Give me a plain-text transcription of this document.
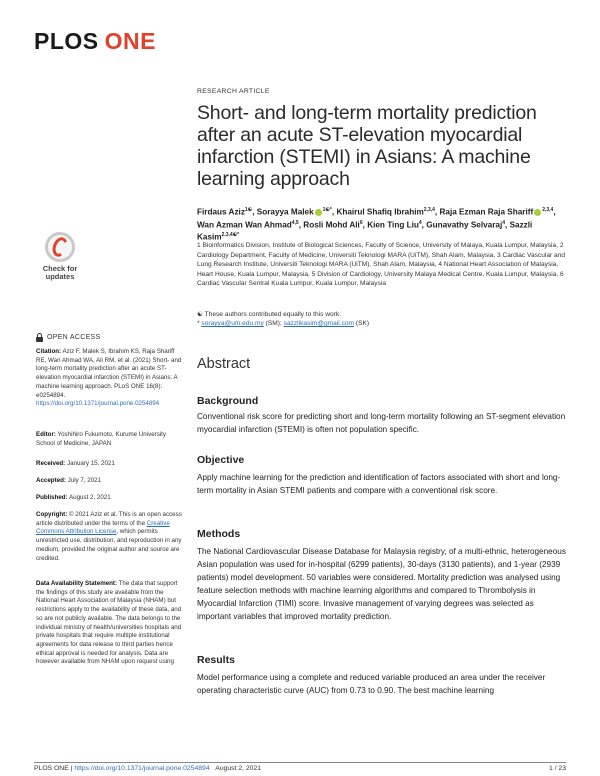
PLOS ONE
Check for
updates
OPEN ACCESS
Citation: Aziz F, Malek S, Ibrahim KS, Raja Shariff RE, Wan Ahmad WA, Ali RM, et al. (2021) Short- and long-term mortality prediction after an acute ST-elevation myocardial infarction (STEMI) in Asians: A machine learning approach. PLoS ONE 16(8): e0254894. https://doi.org/10.1371/journal.pone.0254894
Editor: Yoshihiro Fukumoto, Kurume University School of Medicine, JAPAN
Received: January 15, 2021
Accepted: July 7, 2021
Published: August 2, 2021
Copyright: © 2021 Aziz et al. This is an open access article distributed under the terms of the Creative Commons Attribution License, which permits unrestricted use, distribution, and reproduction in any medium, provided the original author and source are credited.
Data Availability Statement: The data that support the findings of this study are available from the National Heart Association of Malaysia (NHAM) but restrictions apply to the availability of these data, and so are not publicly available. The data belongs to the individual ministry of health/universities hospitals and private hospitals that require multiple institutional agreements for data release to third parties hence ethical approval is needed for analysis. Data are however available from NHAM upon request using
RESEARCH ARTICLE
Short- and long-term mortality prediction after an acute ST-elevation myocardial infarction (STEMI) in Asians: A machine learning approach
Firdaus Aziz$^{1☯}$, Sorayya Malek $^{1☯*}$, Khairul Shafiq Ibrahim$^{2,3,4}$, Raja Ezman Raja Shariff $^{2,3,4}$, Wan Azman Wan Ahmad$^{4,5}$, Rosli Mohd Ali$^6$, Kien Ting Liu$^4$, Gunavathy Selvaraj$^4$, Sazzli Kasim$^{2,3,4☯*}$
1 Bioinformatics Division, Institute of Biological Sciences, Faculty of Science, University of Malaya, Kuala Lumpur, Malaysia, 2 Cardiology Department, Faculty of Medicine, Universiti Teknologi MARA (UiTM), Shah Alam, Malaysia, 3 Cardiac Vascular and Lung Research Institute, Universiti Teknologi MARA (UiTM), Shah Alam, Malaysia, 4 National Heart Association of Malaysia, Heart House, Kuala Lumpur, Malaysia, 5 Division of Cardiology, University Malaya Medical Centre, Kuala Lumpur, Malaysia, 6 Cardiac Vascular Sentral Kuala Lumpur, Kuala Lumpur, Malaysia
☯ These authors contributed equally to this work.
* sorayya@um.edu.my (SM); sazzlikasim@gmail.com (SK)
Abstract
Background
Conventional risk score for predicting short and long-term mortality following an ST-segment elevation myocardial infarction (STEMI) is often not population specific.
Objective
Apply machine learning for the prediction and identification of factors associated with short and long-term mortality in Asian STEMI patients and compare with a conventional risk score.
Methods
The National Cardiovascular Disease Database for Malaysia registry, of a multi-ethnic, heterogeneous Asian population was used for in-hospital (6299 patients), 30-days (3130 patients), and 1-year (2939 patients) model development. 50 variables were considered. Mortality prediction was analysed using feature selection methods with machine learning algorithms and compared to Thrombolysis in Myocardial Infarction (TIMI) score. Invasive management of varying degrees was selected as important variables that improved mortality prediction.
Results
Model performance using a complete and reduced variable produced an area under the receiver operating characteristic curve (AUC) from 0.73 to 0.90. The best machine learning
PLOS ONE | https://doi.org/10.1371/journal.pone.0254894 August 2, 2021	1 / 23
